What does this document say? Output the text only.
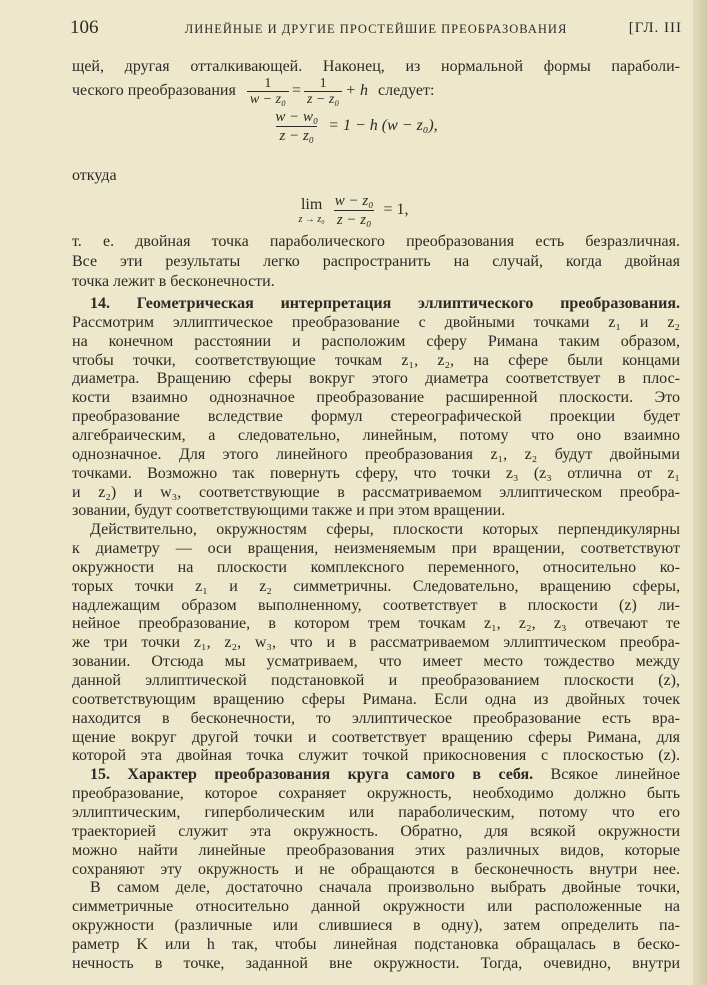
106	ЛИНЕЙНЫЕ И ДРУГИЕ ПРОСТЕЙШИЕ ПРЕОБРАЗОВАНИЯ	[ГЛ. III
щей, другая отталкивающей. Наконец, из нормальной формы параболи-
ческого преобразования $\frac{1}{\text{w − z₀}} = \frac{1}{\text{z − z₀}} + h$ следует:
$\frac{\text{w − w₀}}{\text{z − z₀}} = 1 - h$ (w − z₀),
откуда
lim
z → z₀
$\frac{\text{w − z₀}}{\text{z − z₀}} = 1$,
т. е. двойная точка параболического преобразования есть безразличная.
Все эти результаты легко распространить на случай, когда двойная
точка лежит в бесконечности.
14. Геометрическая интерпретация эллиптического преобразования.
Рассмотрим эллиптическое преобразование с двойными точками z₁ и z₂
на конечном расстоянии и расположим сферу Римана таким образом,
чтобы точки, соответствующие точкам z₁, z₂, на сфере были концами
диаметра. Вращению сферы вокруг этого диаметра соответствует в плос-
кости взаимно однозначное преобразование расширенной плоскости. Это
преобразование вследствие формул стереографической проекции будет
алгебраическим, а следовательно, линейным, потому что оно взаимно
однозначное. Для этого линейного преобразования z₁, z₂ будут двойными
точками. Возможно так повернуть сферу, что точки z₃ (z₃ отлична от z₁
и z₂) и w₃, соответствующие в рассматриваемом эллиптическом преобра-
зовании, будут соответствующими также и при этом вращении.
Действительно, окружностям сферы, плоскости которых перпендикулярны
к диаметру — оси вращения, неизменяемым при вращении, соответствуют
окружности на плоскости комплексного переменного, относительно ко-
торых точки z₁ и z₂ симметричны. Следовательно, вращению сферы,
надлежащим образом выполненному, соответствует в плоскости (z) ли-
нейное преобразование, в котором трем точкам z₁, z₂, z₃ отвечают те
же три точки z₁, z₂, w₃, что и в рассматриваемом эллиптическом преобра-
зовании. Отсюда мы усматриваем, что имеет место тождество между
данной эллиптической подстановкой и преобразованием плоскости (z),
соответствующим вращению сферы Римана. Если одна из двойных точек
находится в бесконечности, то эллиптическое преобразование есть вра-
щение вокруг другой точки и соответствует вращению сферы Римана, для
которой эта двойная точка служит точкой прикосновения с плоскостью (z).
15. Характер преобразования круга самого в себя. Всякое линейное
преобразование, которое сохраняет окружность, необходимо должно быть
эллиптическим, гиперболическим или параболическим, потому что его
траекторией служит эта окружность. Обратно, для всякой окружности
можно найти линейные преобразования этих различных видов, которые
сохраняют эту окружность и не обращаются в бесконечность внутри нее.
В самом деле, достаточно сначала произвольно выбрать двойные точки,
симметричные относительно данной окружности или расположенные на
окружности (различные или слившиеся в одну), затем определить па-
раметр K или h так, чтобы линейная подстановка обращалась в беско-
нечность в точке, заданной вне окружности. Тогда, очевидно, внутри
